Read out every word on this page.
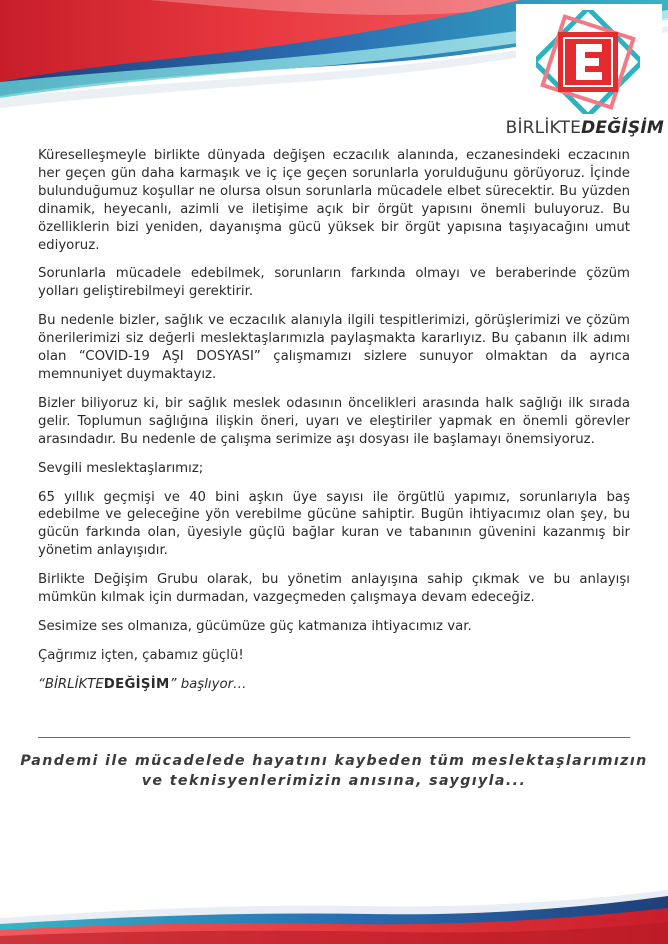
BİRLİKTEDEĞİŞİM

Küreselleşmeyle birlikte dünyada değişen eczacılık alanında, eczanesindeki eczacının her geçen gün daha karmaşık ve iç içe geçen sorunlarla yorulduğunu görüyoruz. İçinde bulunduğumuz koşullar ne olursa olsun sorunlarla mücadele elbet sürecektir. Bu yüzden dinamik, heyecanlı, azimli ve iletişime açık bir örgüt yapısını önemli buluyoruz. Bu özelliklerin bizi yeniden, dayanışma gücü yüksek bir örgüt yapısına taşıyacağını umut ediyoruz.

Sorunlarla mücadele edebilmek, sorunların farkında olmayı ve beraberinde çözüm yolları geliştirebilmeyi gerektirir.

Bu nedenle bizler, sağlık ve eczacılık alanıyla ilgili tespitlerimizi, görüşlerimizi ve çözüm önerilerimizi siz değerli meslektaşlarımızla paylaşmakta kararlıyız. Bu çabanın ilk adımı olan “COVID-19 AŞI DOSYASI” çalışmamızı sizlere sunuyor olmaktan da ayrıca memnuniyet duymaktayız.

Bizler biliyoruz ki, bir sağlık meslek odasının öncelikleri arasında halk sağlığı ilk sırada gelir. Toplumun sağlığına ilişkin öneri, uyarı ve eleştiriler yapmak en önemli görevler arasındadır. Bu nedenle de çalışma serimize aşı dosyası ile başlamayı önemsiyoruz.

Sevgili meslektaşlarımız;

65 yıllık geçmişi ve 40 bini aşkın üye sayısı ile örgütlü yapımız, sorunlarıyla baş edebilme ve geleceğine yön verebilme gücüne sahiptir. Bugün ihtiyacımız olan şey, bu gücün farkında olan, üyesiyle güçlü bağlar kuran ve tabanının güvenini kazanmış bir yönetim anlayışıdır.

Birlikte Değişim Grubu olarak, bu yönetim anlayışına sahip çıkmak ve bu anlayışı mümkün kılmak için durmadan, vazgeçmeden çalışmaya devam edeceğiz.

Sesimize ses olmanıza, gücümüze güç katmanıza ihtiyacımız var.

Çağrımız içten, çabamız güçlü!

“BİRLİKTEDEĞİŞİM” başlıyor…

Pandemi ile mücadelede hayatını kaybeden tüm meslektaşlarımızın
ve teknisyenlerimizin anısına, saygıyla...
